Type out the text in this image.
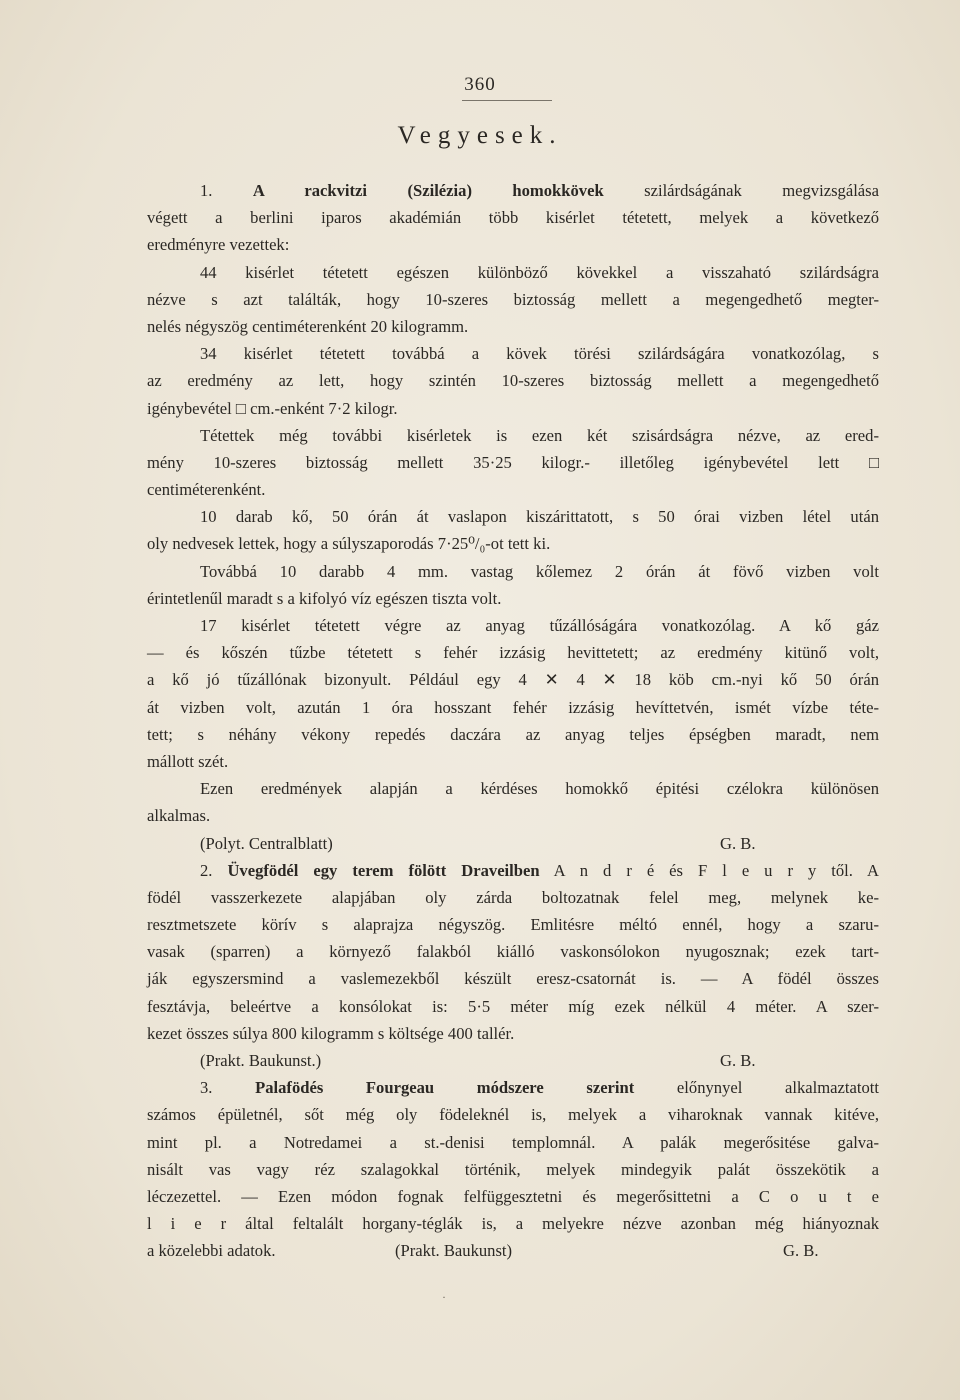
360
Vegyesek.
1. A rackvitzi (Szilézia) homokkövek szilárdságának megvizsgálása
végett a berlini iparos akadémián több kisérlet tétetett, melyek a következő
eredményre vezettek:
44 kisérlet tétetett egészen különböző kövekkel a visszaható szilárdságra
nézve s azt találták, hogy 10-szeres biztosság mellett a megengedhető megter-
nelés négyszög centiméterenként 20 kilogramm.
34 kisérlet tétetett továbbá a kövek törési szilárdságára vonatkozólag, s
az eredmény az lett, hogy szintén 10-szeres biztosság mellett a megengedhető
igénybevétel □ cm.-enként 7·2 kilogr.
Tétettek még további kisérletek is ezen két szisárdságra nézve, az ered-
mény 10-szeres biztosság mellett 35·25 kilogr.- illetőleg igénybevétel lett □
centiméterenként.
10 darab kő, 50 órán át vaslapon kiszárittatott, s 50 órai vizben létel után
oly nedvesek lettek, hogy a súlyszaporodás 7·25⁰/₀-ot tett ki.
Továbbá 10 darabb 4 mm. vastag kőlemez 2 órán át fövő vizben volt
érintetlenűl maradt s a kifolyó víz egészen tiszta volt.
17 kisérlet tétetett végre az anyag tűzállóságára vonatkozólag. A kő gáz
— és kőszén tűzbe tétetett s fehér izzásig hevittetett; az eredmény kitünő volt,
a kő jó tűzállónak bizonyult. Például egy 4 ✕ 4 ✕ 18 köb cm.-nyi kő 50 órán
át vizben volt, azután 1 óra hosszant fehér izzásig hevíttetvén, ismét vízbe téte-
tett; s néhány vékony repedés daczára az anyag teljes épségben maradt, nem
mállott szét.
Ezen eredmények alapján a kérdéses homokkő épitési czélokra különösen
alkalmas.
(Polyt. Centralblatt)	G. B.
2. Üvegfödél egy terem fölött Draveilben A n d r é és F l e u r y től. A
födél vasszerkezete alapjában oly zárda boltozatnak felel meg, melynek ke-
resztmetszete körív s alaprajza négyszög. Emlitésre méltó ennél, hogy a szaru-
vasak (sparren) a környező falakból kiálló vaskonsólokon nyugosznak; ezek tart-
ják egyszersmind a vaslemezekből készült eresz-csatornát is. — A födél összes
fesztávja, beleértve a konsólokat is: 5·5 méter míg ezek nélkül 4 méter. A szer-
kezet összes súlya 800 kilogramm s költsége 400 tallér.
(Prakt. Baukunst.)	G. B.
3. Palafödés Fourgeau módszere szerint előnynyel alkalmaztatott
számos épületnél, sőt még oly födeleknél is, melyek a viharoknak vannak kitéve,
mint pl. a Notredamei a st.-denisi templomnál. A palák megerősitése galva-
nisált vas vagy réz szalagokkal történik, melyek mindegyik palát összekötik a
léczezettel. — Ezen módon fognak felfüggesztetni és megerősittetni a C o u t e
l i e r által feltalált horgany-téglák is, a melyekre nézve azonban még hiányoznak
a közelebbi adatok.	(Prakt. Baukunst)	G. B.
·
